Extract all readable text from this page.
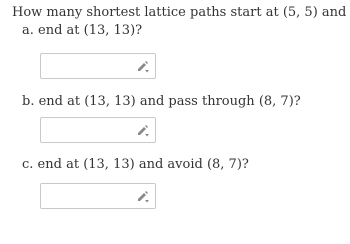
How many shortest lattice paths start at (5, 5) and
a. end at (13, 13)?
b. end at (13, 13) and pass through (8, 7)?
c. end at (13, 13) and avoid (8, 7)?
